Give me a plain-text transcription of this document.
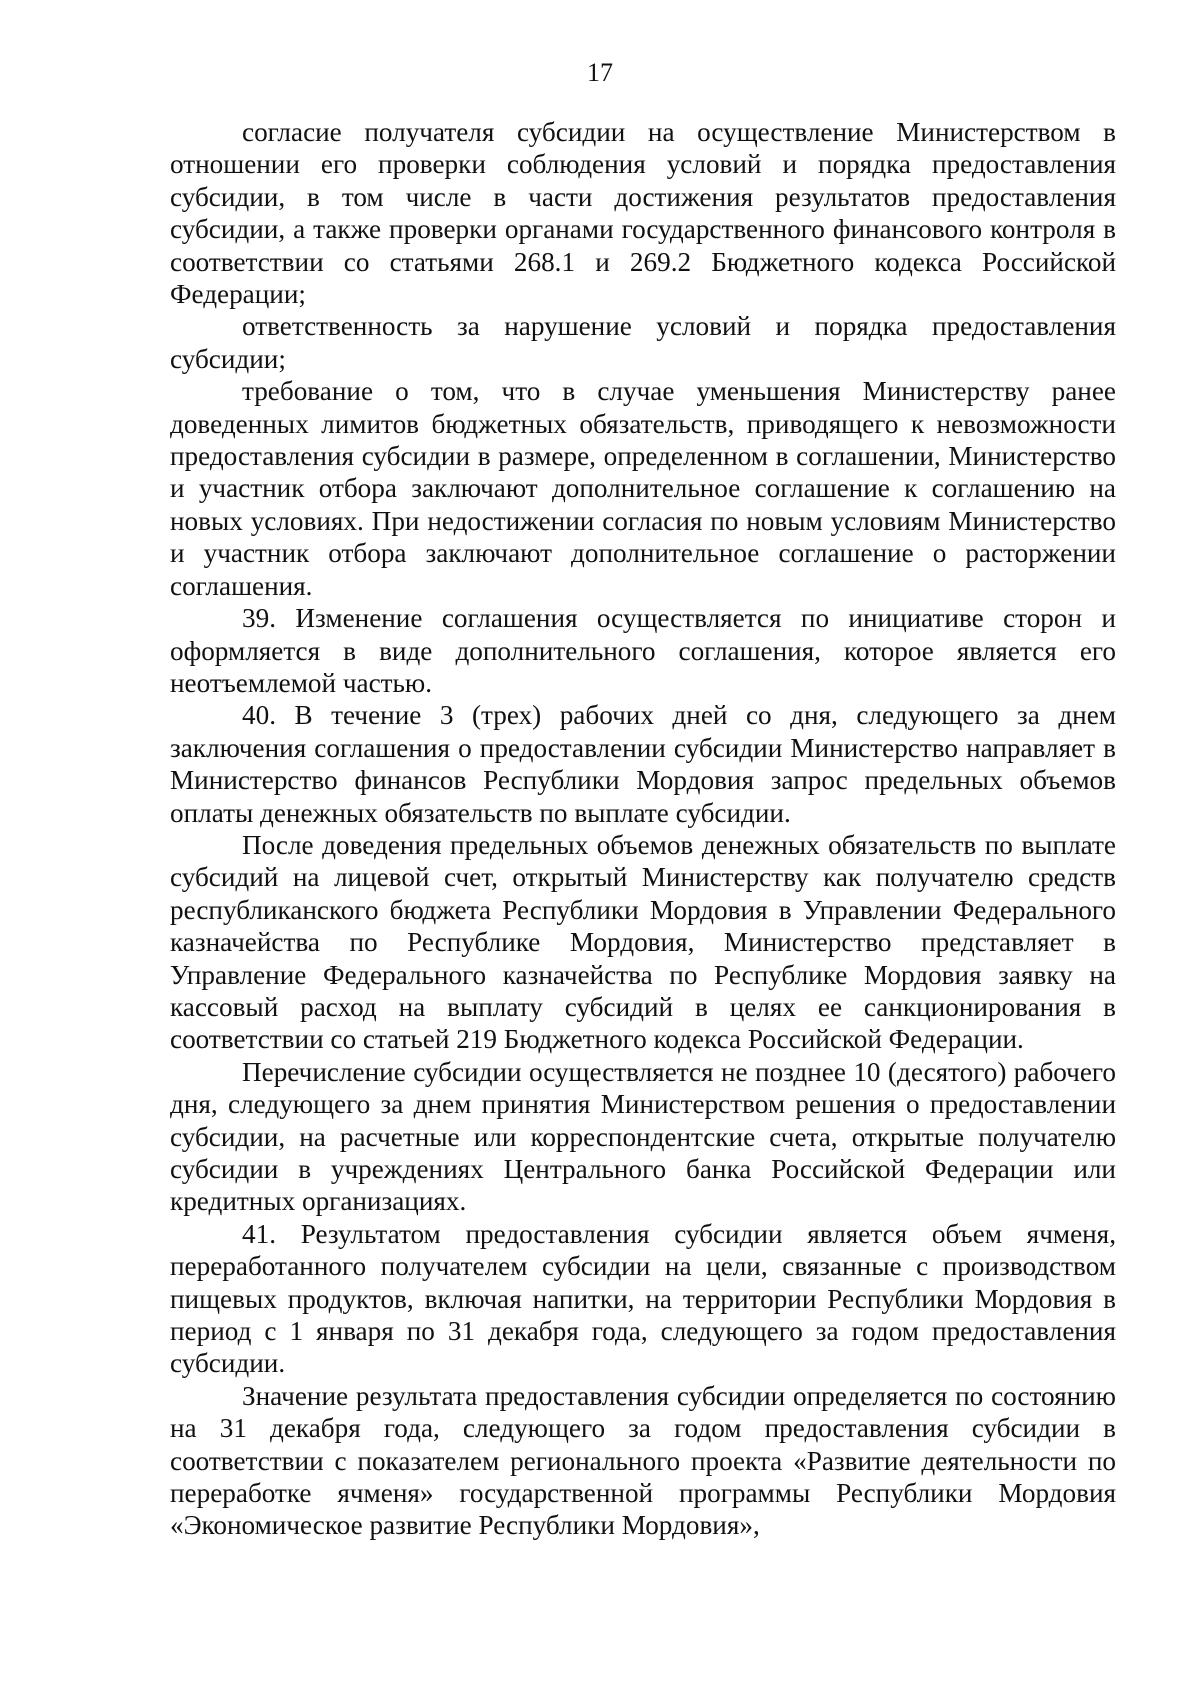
17

согласие получателя субсидии на осуществление Министерством в отношении его проверки соблюдения условий и порядка предоставления субсидии, в том числе в части достижения результатов предоставления субсидии, а также проверки органами государственного финансового контроля в соответствии со статьями 268.1 и 269.2 Бюджетного кодекса Российской Федерации;

ответственность за нарушение условий и порядка предоставления субсидии;

требование о том, что в случае уменьшения Министерству ранее доведенных лимитов бюджетных обязательств, приводящего к невозможности предоставления субсидии в размере, определенном в соглашении, Министерство и участник отбора заключают дополнительное соглашение к соглашению на новых условиях. При недостижении согласия по новым условиям Министерство и участник отбора заключают дополнительное соглашение о расторжении соглашения.

39. Изменение соглашения осуществляется по инициативе сторон и оформляется в виде дополнительного соглашения, которое является его неотъемлемой частью.

40. В течение 3 (трех) рабочих дней со дня, следующего за днем заключения соглашения о предоставлении субсидии Министерство направляет в Министерство финансов Республики Мордовия запрос предельных объемов оплаты денежных обязательств по выплате субсидии.

После доведения предельных объемов денежных обязательств по выплате субсидий на лицевой счет, открытый Министерству как получателю средств республиканского бюджета Республики Мордовия в Управлении Федерального казначейства по Республике Мордовия, Министерство представляет в Управление Федерального казначейства по Республике Мордовия заявку на кассовый расход на выплату субсидий в целях ее санкционирования в соответствии со статьей 219 Бюджетного кодекса Российской Федерации.

Перечисление субсидии осуществляется не позднее 10 (десятого) рабочего дня, следующего за днем принятия Министерством решения о предоставлении субсидии, на расчетные или корреспондентские счета, открытые получателю субсидии в учреждениях Центрального банка Российской Федерации или кредитных организациях.

41. Результатом предоставления субсидии является объем ячменя, переработанного получателем субсидии на цели, связанные с производством пищевых продуктов, включая напитки, на территории Республики Мордовия в период с 1 января по 31 декабря года, следующего за годом предоставления субсидии.

Значение результата предоставления субсидии определяется по состоянию на 31 декабря года, следующего за годом предоставления субсидии в соответствии с показателем регионального проекта «Развитие деятельности по переработке ячменя» государственной программы Республики Мордовия «Экономическое развитие Республики Мордовия»,
